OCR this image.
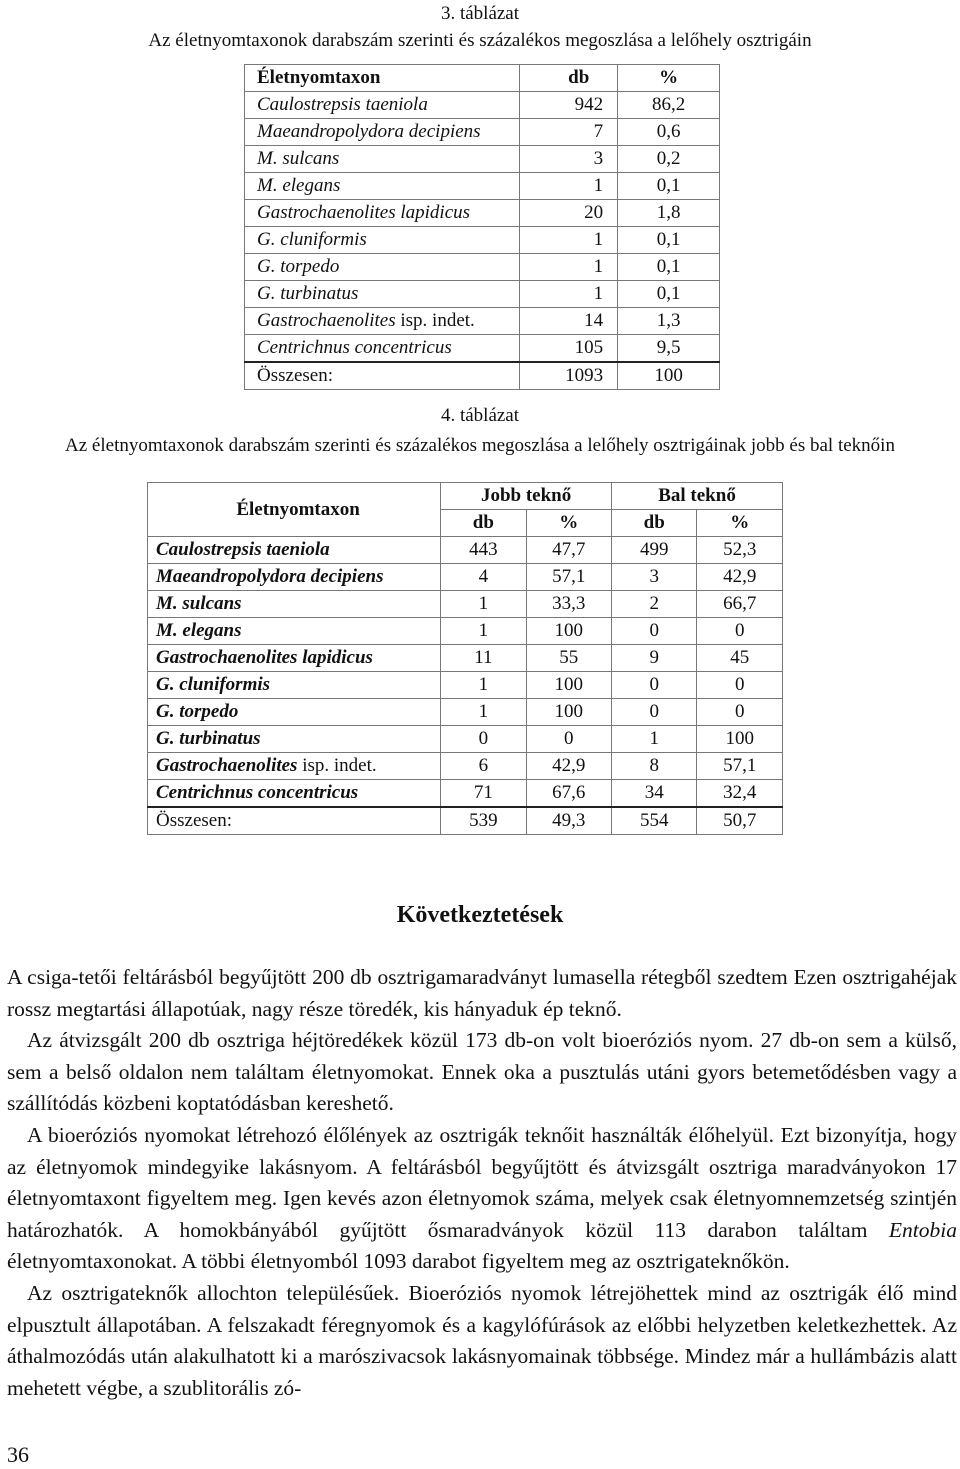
3. táblázat

Az életnyomtaxonok darabszám szerinti és százalékos megoszlása a lelőhely osztrigáin

Életnyomtaxon	db	%
Caulostrepsis taeniola	942	86,2
Maeandropolydora decipiens	7	0,6
M. sulcans	3	0,2
M. elegans	1	0,1
Gastrochaenolites lapidicus	20	1,8
G. cluniformis	1	0,1
G. torpedo	1	0,1
G. turbinatus	1	0,1
Gastrochaenolites isp. indet.	14	1,3
Centrichnus concentricus	105	9,5
Összesen:	1093	100

4. táblázat

Az életnyomtaxonok darabszám szerinti és százalékos megoszlása a lelőhely osztrigáinak jobb és bal teknőin

Életnyomtaxon	Jobb teknő		Bal teknő	
	db	%	db	%
Caulostrepsis taeniola	443	47,7	499	52,3
Maeandropolydora decipiens	4	57,1	3	42,9
M. sulcans	1	33,3	2	66,7
M. elegans	1	100	0	0
Gastrochaenolites lapidicus	11	55	9	45
G. cluniformis	1	100	0	0
G. torpedo	1	100	0	0
G. turbinatus	0	0	1	100
Gastrochaenolites isp. indet.	6	42,9	8	57,1
Centrichnus concentricus	71	67,6	34	32,4
Összesen:	539	49,3	554	50,7
Következtetések

A csiga-tetői feltárásból begyűjtött 200 db osztrigamaradványt lumasella rétegből szedtem Ezen osztrigahéjak rossz megtartási állapotúak, nagy része töredék, kis hányaduk ép teknő.

Az átvizsgált 200 db osztriga héjtöredékek közül 173 db-on volt bioeróziós nyom. 27 db-on sem a külső, sem a belső oldalon nem találtam életnyomokat. Ennek oka a pusztulás utáni gyors betemetődésben vagy a szállítódás közbeni koptatódásban kereshető.

A bioeróziós nyomokat létrehozó élőlények az osztrigák teknőit használták élőhelyül. Ezt bizonyítja, hogy az életnyomok mindegyike lakásnyom. A feltárásból begyűjtött és átvizsgált osztriga maradványokon 17 életnyomtaxont figyeltem meg. Igen kevés azon életnyomok száma, melyek csak életnyomnemzetség szintjén határozhatók. A homokbányából gyűjtött ősmaradványok közül 113 darabon találtam Entobia életnyomtaxonokat. A többi életnyomból 1093 darabot figyeltem meg az osztrigateknőkön.

Az osztrigateknők allochton településűek. Bioeróziós nyomok létrejöhettek mind az osztrigák élő mind elpusztult állapotában. A felszakadt féregnyomok és a kagylófúrások az előbbi helyzetben keletkezhettek. Az áthalmozódás után alakulhatott ki a marószivacsok lakásnyomainak többsége. Mindez már a hullámbázis alatt mehetett végbe, a szublitorális zó-

36
